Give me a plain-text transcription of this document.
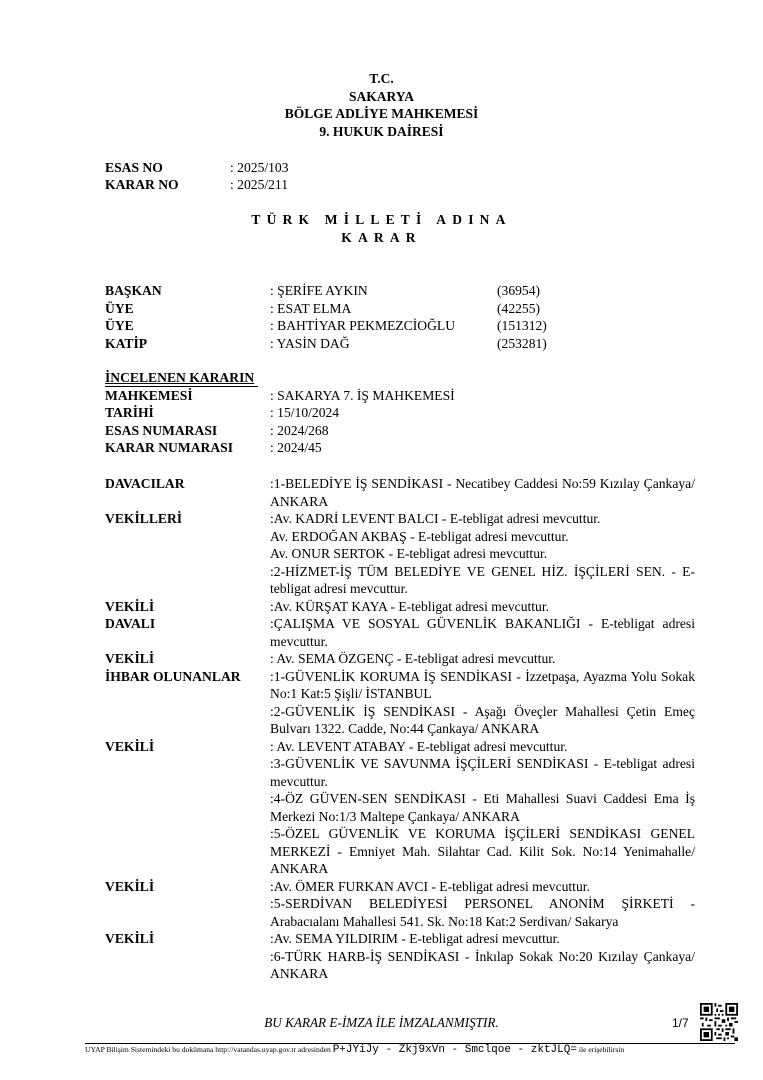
T.C.
SAKARYA
BÖLGE ADLİYE MAHKEMESİ
9. HUKUK DAİRESİ
ESAS NO	: 2025/103
KARAR NO	: 2025/211
TÜRK MİLLETİ ADINA
KARAR
BAŞKAN	: ŞERİFE AYKIN	(36954)
ÜYE	: ESAT ELMA	(42255)
ÜYE	: BAHTİYAR PEKMEZCİOĞLU	(151312)
KATİP	: YASİN DAĞ	(253281)
İNCELENEN KARARIN
MAHKEMESİ	: SAKARYA 7. İŞ MAHKEMESİ
TARİHİ	: 15/10/2024
ESAS NUMARASI	: 2024/268
KARAR NUMARASI	: 2024/45
DAVACILAR	:1-BELEDİYE İŞ SENDİKASI - Necatibey Caddesi No:59 Kızılay Çankaya/ ANKARA
VEKİLLERİ	:Av. KADRİ LEVENT BALCI - E-tebligat adresi mevcuttur.
Av. ERDOĞAN AKBAŞ - E-tebligat adresi mevcuttur.
Av. ONUR SERTOK - E-tebligat adresi mevcuttur.
:2-HİZMET-İŞ TÜM BELEDİYE VE GENEL HİZ. İŞÇİLERİ SEN. - E-tebligat adresi mevcuttur.
VEKİLİ	:Av. KÜRŞAT KAYA - E-tebligat adresi mevcuttur.
DAVALI	:ÇALIŞMA VE SOSYAL GÜVENLİK BAKANLIĞI - E-tebligat adresi mevcuttur.
VEKİLİ	: Av. SEMA ÖZGENÇ - E-tebligat adresi mevcuttur.
İHBAR OLUNANLAR :1-GÜVENLİK KORUMA İŞ SENDİKASI - İzzetpaşa, Ayazma Yolu Sokak No:1 Kat:5 Şişli/ İSTANBUL
:2-GÜVENLİK İŞ SENDİKASI - Aşağı Öveçler Mahallesi Çetin Emeç Bulvarı 1322. Cadde, No:44 Çankaya/ ANKARA
VEKİLİ	: Av. LEVENT ATABAY - E-tebligat adresi mevcuttur.
:3-GÜVENLİK VE SAVUNMA İŞÇİLERİ SENDİKASI - E-tebligat adresi mevcuttur.
:4-ÖZ GÜVEN-SEN SENDİKASI - Eti Mahallesi Suavi Caddesi Ema İş Merkezi No:1/3 Maltepe Çankaya/ ANKARA
:5-ÖZEL GÜVENLİK VE KORUMA İŞÇİLERİ SENDİKASI GENEL MERKEZİ - Emniyet Mah. Silahtar Cad. Kilit Sok. No:14 Yenimahalle/ ANKARA
VEKİLİ	:Av. ÖMER FURKAN AVCI - E-tebligat adresi mevcuttur.
:5-SERDİVAN BELEDİYESİ PERSONEL ANONİM ŞİRKETİ - Arabacıalanı Mahallesi 541. Sk. No:18 Kat:2 Serdivan/ Sakarya
VEKİLİ	:Av. SEMA YILDIRIM - E-tebligat adresi mevcuttur.
:6-TÜRK HARB-İŞ SENDİKASI - İnkılap Sokak No:20 Kızılay Çankaya/ ANKARA
BU KARAR E-İMZA İLE İMZALANMIŞTIR.	1/7
UYAP Bilişim Sistemindeki bu dokümana http://vatandas.uyap.gov.tr adresinden P+JYiJy - Zkj9xVn - Smclqoe - zktJLQ= ile erişebilirsin
